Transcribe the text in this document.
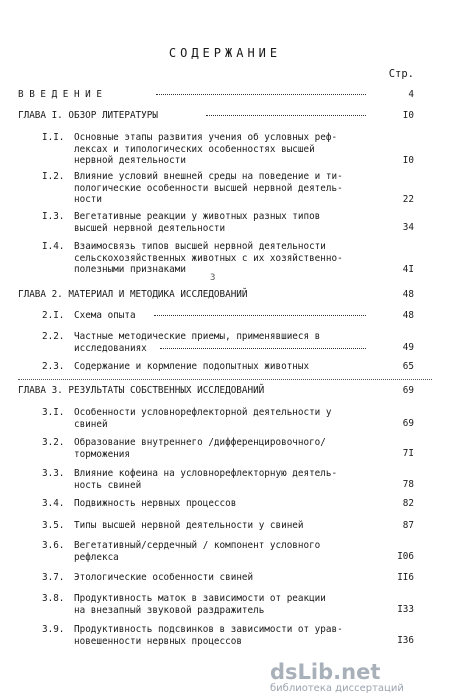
СОДЕРЖАНИЕ
Стр.
В В Е Д Е Н И Е	4
ГЛАВА I. ОБЗОР ЛИТЕРАТУРЫ	I0
I.I. Основные этапы развития учения об условных реф-
лексах и типологических особенностях высшей
нервной деятельности	I0
I.2. Влияние условий внешней среды на поведение и ти-
пологические особенности высшей нервной деятель-
ности	22
I.3. Вегетативные реакции у животных разных типов
высшей нервной деятельности	34
I.4. Взаимосвязь типов высшей нервной деятельности
сельскохозяйственных животных с их хозяйственно-
полезными признаками	4I
3
ГЛАВА 2. МАТЕРИАЛ И МЕТОДИКА ИССЛЕДОВАНИЙ	48
2.I. Схема опыта	48
2.2. Частные методические приемы, применявшиеся в
исследованиях	49
2.3. Содержание и кормление подопытных животных	65
ГЛАВА 3. РЕЗУЛЬТАТЫ СОБСТВЕННЫХ ИССЛЕДОВАНИЙ	69
3.I. Особенности условнорефлекторной деятельности у
свиней	69
3.2. Образование внутреннего /дифференцировочного/
торможения	7I
3.3. Влияние кофеина на условнорефлекторную деятель-
ность свиней	78
3.4. Подвижность нервных процессов	82
3.5. Типы высшей нервной деятельности у свиней	87
3.6. Вегетативный/сердечный / компонент условного
рефлекса	I06
3.7. Этологические особенности свиней	II6
3.8. Продуктивность маток в зависимости от реакции
на внезапный звуковой раздражитель	I33
3.9. Продуктивность подсвинков в зависимости от урав-
новешенности нервных процессов	I36
dsLib.net
библиотека диссертаций
